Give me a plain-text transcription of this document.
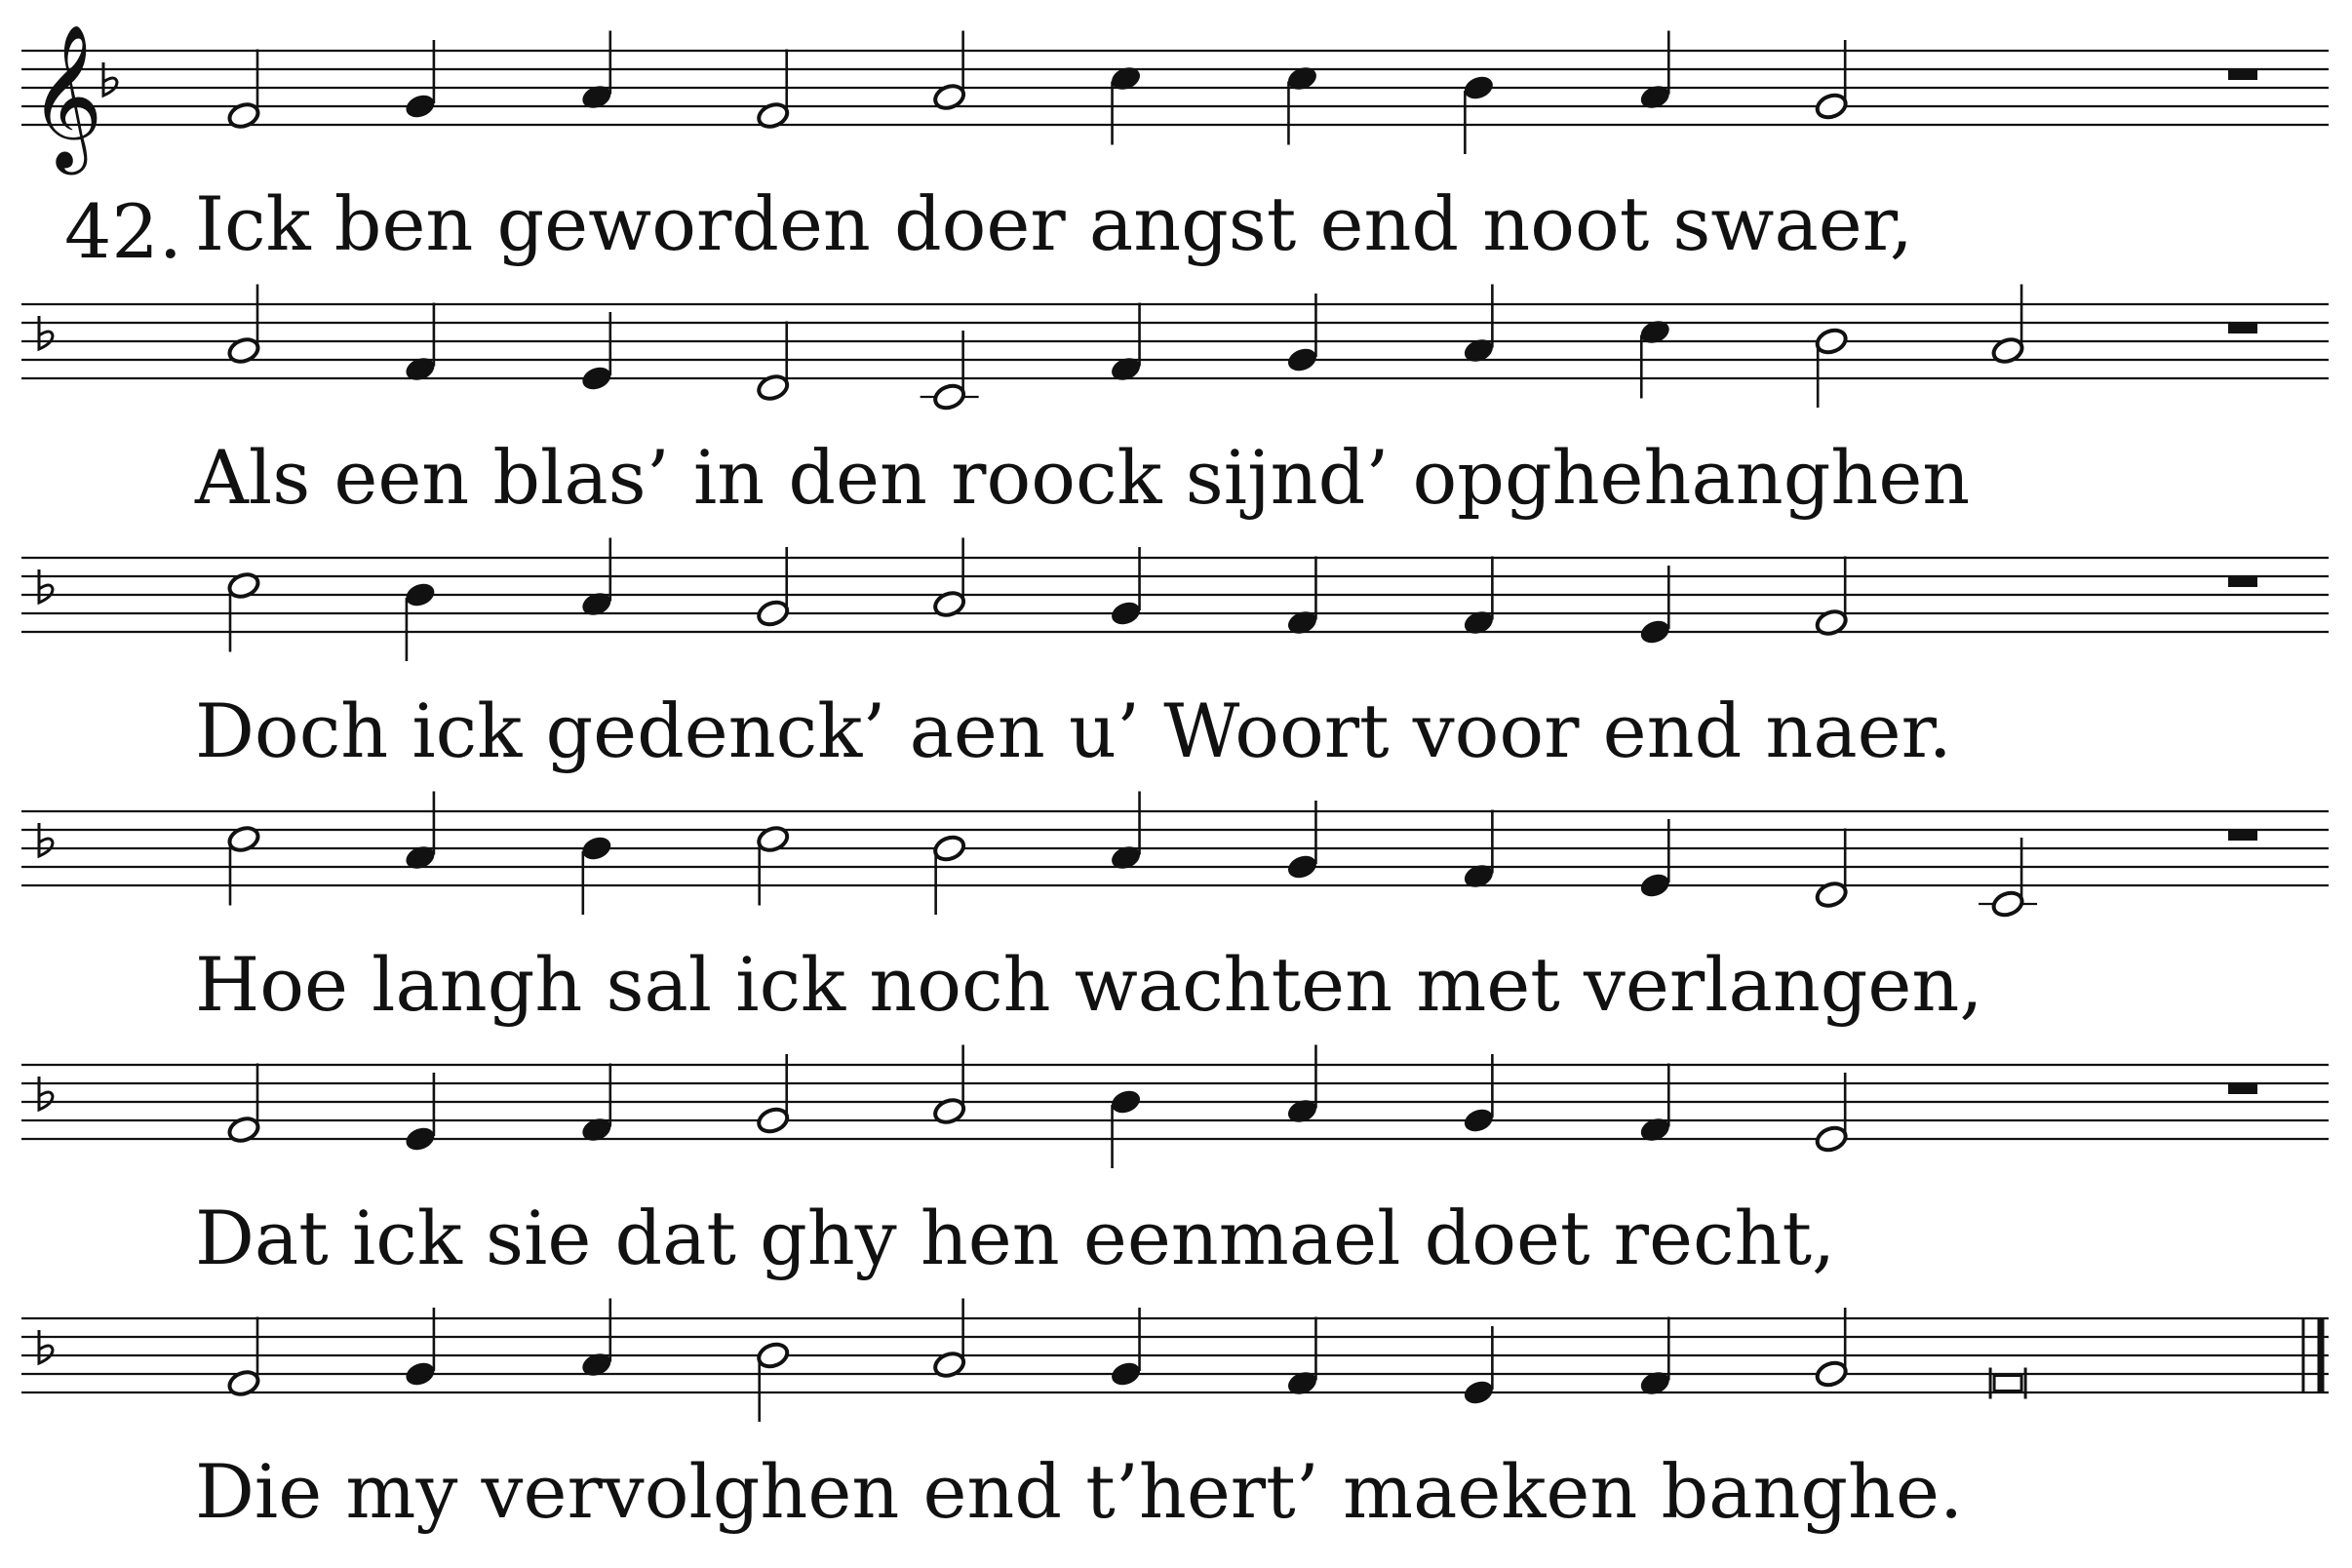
𝄞
42. Ick ben geworden doer angst end noot swaer,
Als een blas’ in den roock sijnd’ opghehanghen
Doch ick gedenck’ aen u’ Woort voor end naer.
Hoe langh sal ick noch wachten met verlangen,
Dat ick sie dat ghy hen eenmael doet recht,
Die my vervolghen end t’hert’ maeken banghe.
